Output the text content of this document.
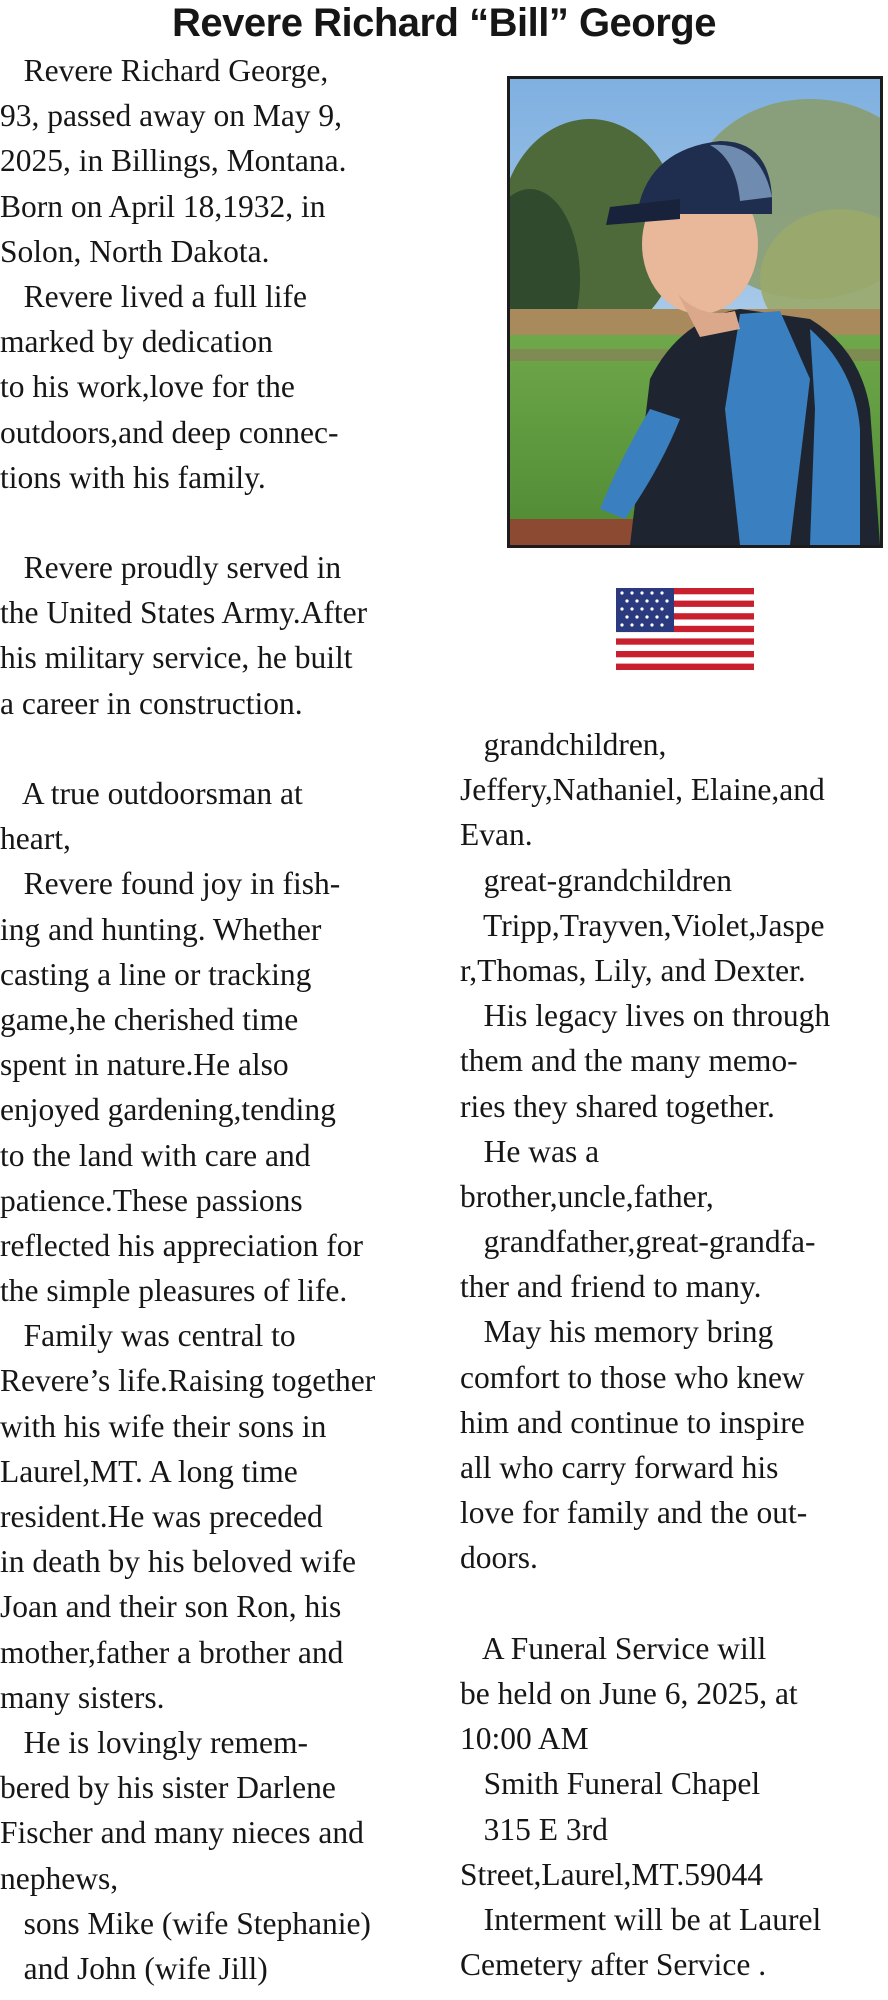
Revere Richard “Bill” George
Revere Richard George,
93, passed away on May 9,
2025, in Billings, Montana.
Born on April 18,1932, in
Solon, North Dakota.
Revere lived a full life
marked by dedication
to his work,love for the
outdoors,and deep connec-
tions with his family.
Revere proudly served in
the United States Army.After
his military service, he built
a career in construction.
A true outdoorsman at
heart,
Revere found joy in fish-
ing and hunting. Whether
casting a line or tracking
game,he cherished time
spent in nature.He also
enjoyed gardening,tending
to the land with care and
patience.These passions
reflected his appreciation for
the simple pleasures of life.
Family was central to
Revere’s life.Raising together
with his wife their sons in
Laurel,MT. A long time
resident.He was preceded
in death by his beloved wife
Joan and their son Ron, his
mother,father a brother and
many sisters.
He is lovingly remem-
bered by his sister Darlene
Fischer and many nieces and
nephews,
sons Mike (wife Stephanie)
and John (wife Jill)
grandchildren,
Jeffery,Nathaniel, Elaine,and
Evan.
great-grandchildren
Tripp,Trayven,Violet,Jaspe
r,Thomas, Lily, and Dexter.
His legacy lives on through
them and the many memo-
ries they shared together.
He was a
brother,uncle,father,
grandfather,great-grandfa-
ther and friend to many.
May his memory bring
comfort to those who knew
him and continue to inspire
all who carry forward his
love for family and the out-
doors.
A Funeral Service will
be held on June 6, 2025, at
10:00 AM
Smith Funeral Chapel
315 E 3rd
Street,Laurel,MT.59044
Interment will be at Laurel
Cemetery after Service .
